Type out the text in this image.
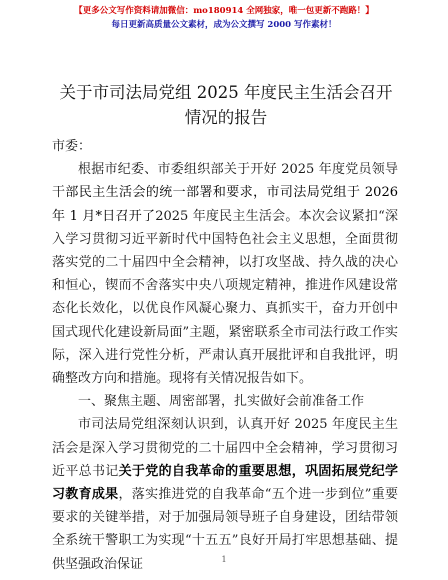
【更多公文写作资料请加微信：mo180914 全网独家，唯一包更新不跑路！】
每日更新高质量公文素材，成为公文撰写 2000 写作素材！
关于市司法局党组 2025 年度民主生活会召开情况的报告

市委：

根据市纪委、市委组织部关于开好 2025 年度党员领导干部民主生活会的统一部署和要求，市司法局党组于 2026 年 1 月*日召开了2025 年度民主生活会。本次会议紧扣“深入学习贯彻习近平新时代中国特色社会主义思想，全面贯彻落实党的二十届四中全会精神，以打攻坚战、持久战的决心和恒心，锲而不舍落实中央八项规定精神，推进作风建设常态化长效化，以优良作风凝心聚力、真抓实干，奋力开创中国式现代化建设新局面”主题，紧密联系全市司法行政工作实际，深入进行党性分析，严肃认真开展批评和自我批评，明确整改方向和措施。现将有关情况报告如下。

一、聚焦主题、周密部署，扎实做好会前准备工作

市司法局党组深刻认识到，认真开好 2025 年度民主生活会是深入学习贯彻党的二十届四中全会精神，学习贯彻习近平总书记关于党的自我革命的重要思想，巩固拓展党纪学习教育成果，落实推进党的自我革命“五个进一步到位”重要要求的关键举措，对于加强局领导班子自身建设，团结带领全系统干警职工为实现“十五五”良好开局打牢思想基础、提供坚强政治保证	1
